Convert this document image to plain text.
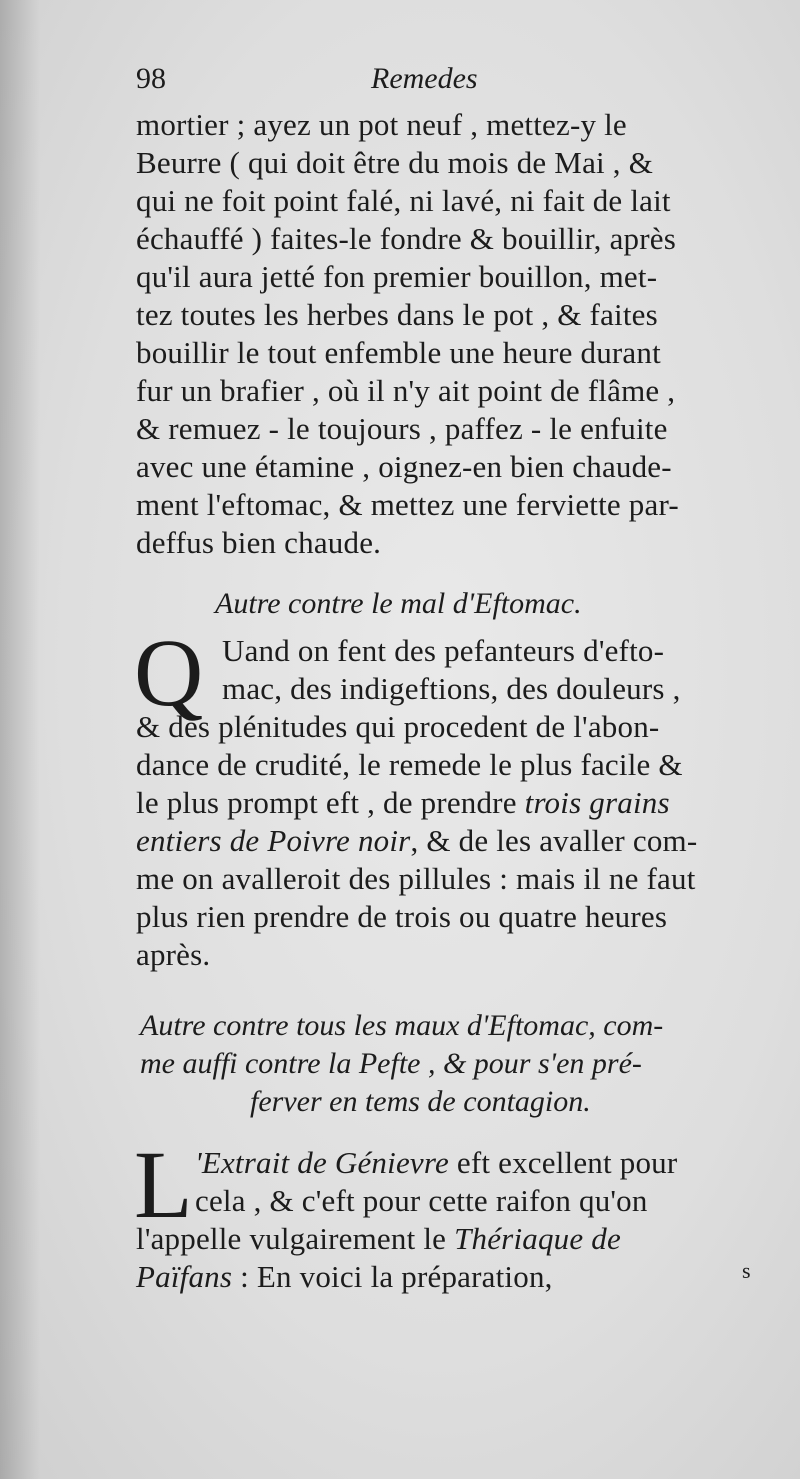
98	Remedes
mortier ; ayez un pot neuf , mettez-y le
Beurre ( qui doit être du mois de Mai , &
qui ne foit point falé, ni lavé, ni fait de lait
échauffé ) faites-le fondre & bouillir, après
qu'il aura jetté fon premier bouillon, met-
tez toutes les herbes dans le pot , & faites
bouillir le tout enfemble une heure durant
fur un brafier , où il n'y ait point de flâme ,
& remuez - le toujours , paffez - le enfuite
avec une étamine , oignez-en bien chaude-
ment l'eftomac, & mettez une ferviette par-
deffus bien chaude.
Autre contre le mal d'Eftomac.
Q Uand on fent des pefanteurs d'efto-
mac, des indigeftions, des douleurs ,
& des plénitudes qui procedent de l'abon-
dance de crudité, le remede le plus facile &
le plus prompt eft , de prendre trois grains
entiers de Poivre noir, & de les avaller com-
me on avalleroit des pillules : mais il ne faut
plus rien prendre de trois ou quatre heures
après.
Autre contre tous les maux d'Eftomac, com-
me auffi contre la Pefte , & pour s'en pré-
ferver en tems de contagion.
L 'Extrait de Génievre eft excellent pour
cela , & c'eft pour cette raifon qu'on
l'appelle vulgairement le Thériaque de
Païfans : En voici la préparation,	s
